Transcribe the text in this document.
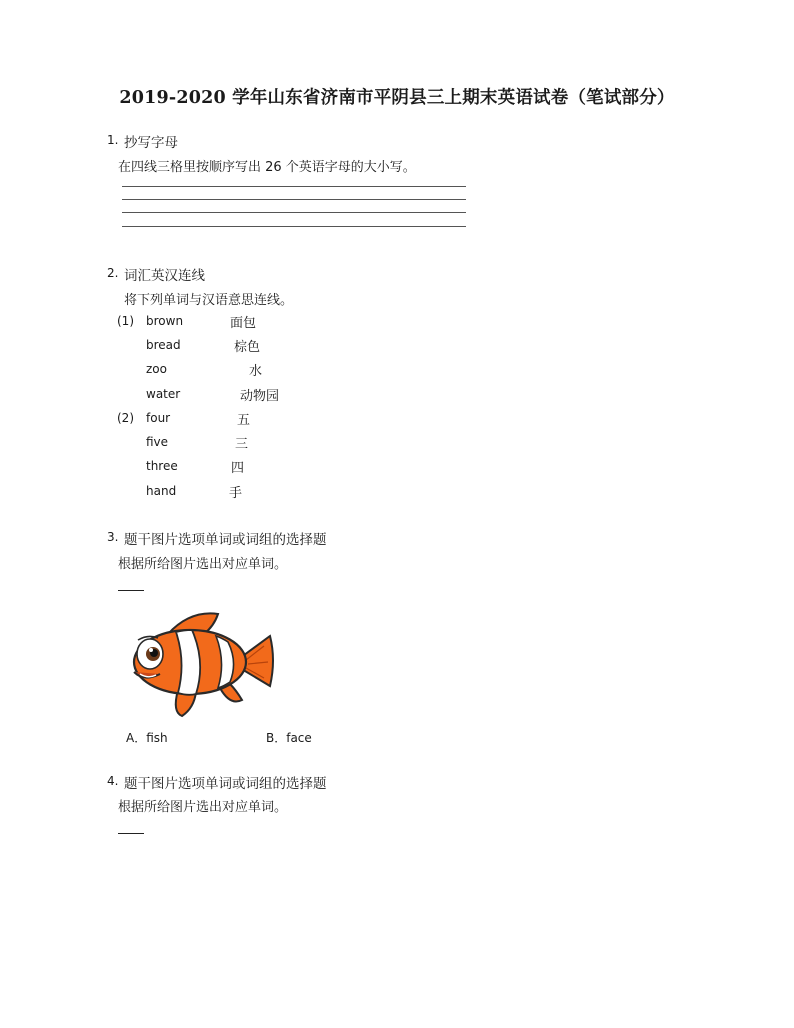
2019-2020 学年山东省济南市平阴县三上期末英语试卷（笔试部分）
1. 抄写字母
在四线三格里按顺序写出 26 个英语字母的大小写。
2. 词汇英汉连线
将下列单词与汉语意思连线。
(1) brown
bread
zoo
water
面包
棕色
水
动物园
(2) four
five
three
hand
五
三
四
手
3. 题干图片选项单词或词组的选择题
根据所给图片选出对应单词。
A．fish	B．face
4. 题干图片选项单词或词组的选择题
根据所给图片选出对应单词。
